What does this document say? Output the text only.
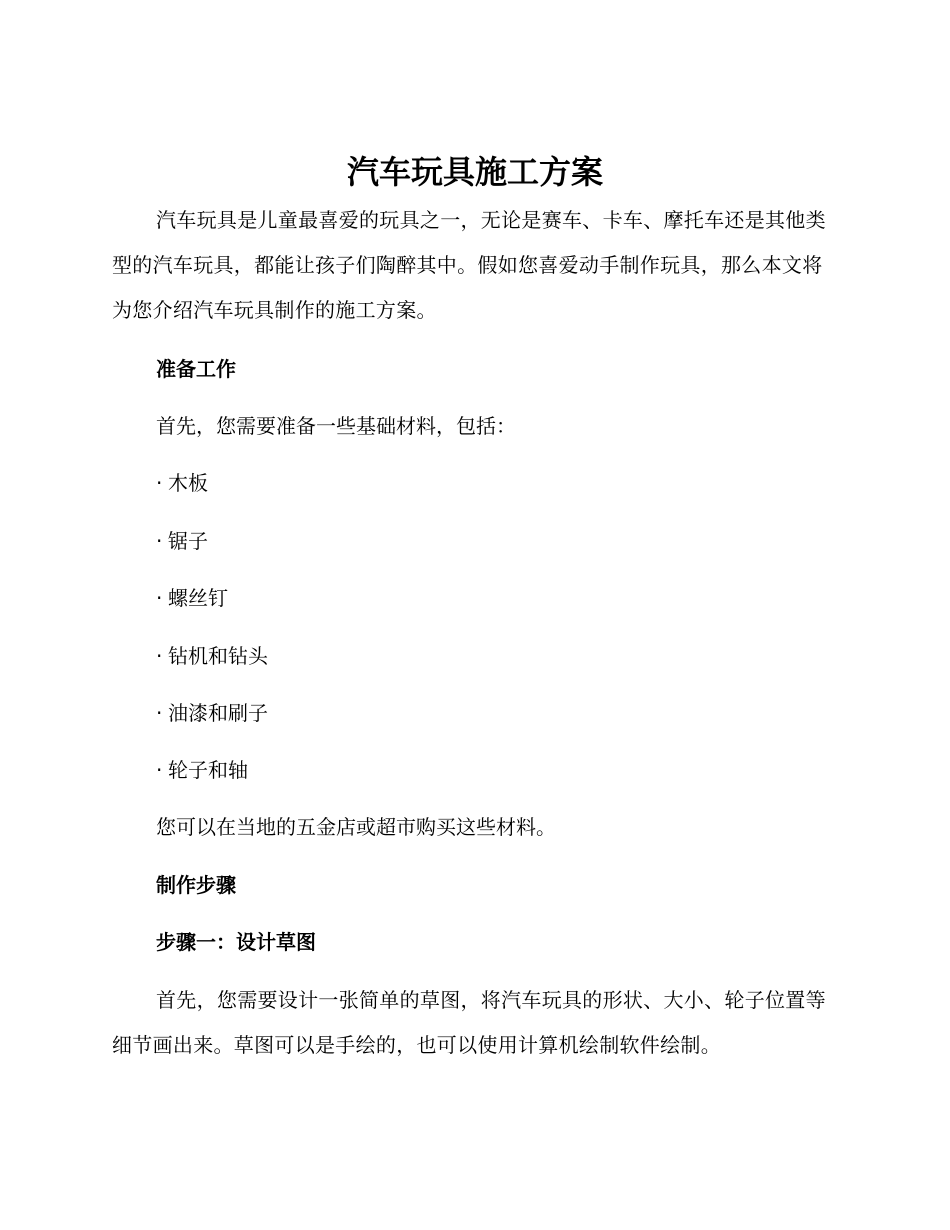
汽车玩具施工方案

汽车玩具是儿童最喜爱的玩具之一，无论是赛车、卡车、摩托车还是其他类型的汽车玩具，都能让孩子们陶醉其中。假如您喜爱动手制作玩具，那么本文将为您介绍汽车玩具制作的施工方案。

准备工作

首先，您需要准备一些基础材料，包括：

· 木板

· 锯子

· 螺丝钉

· 钻机和钻头

· 油漆和刷子

· 轮子和轴

您可以在当地的五金店或超市购买这些材料。

制作步骤

步骤一：设计草图

首先，您需要设计一张简单的草图，将汽车玩具的形状、大小、轮子位置等细节画出来。草图可以是手绘的，也可以使用计算机绘制软件绘制。
